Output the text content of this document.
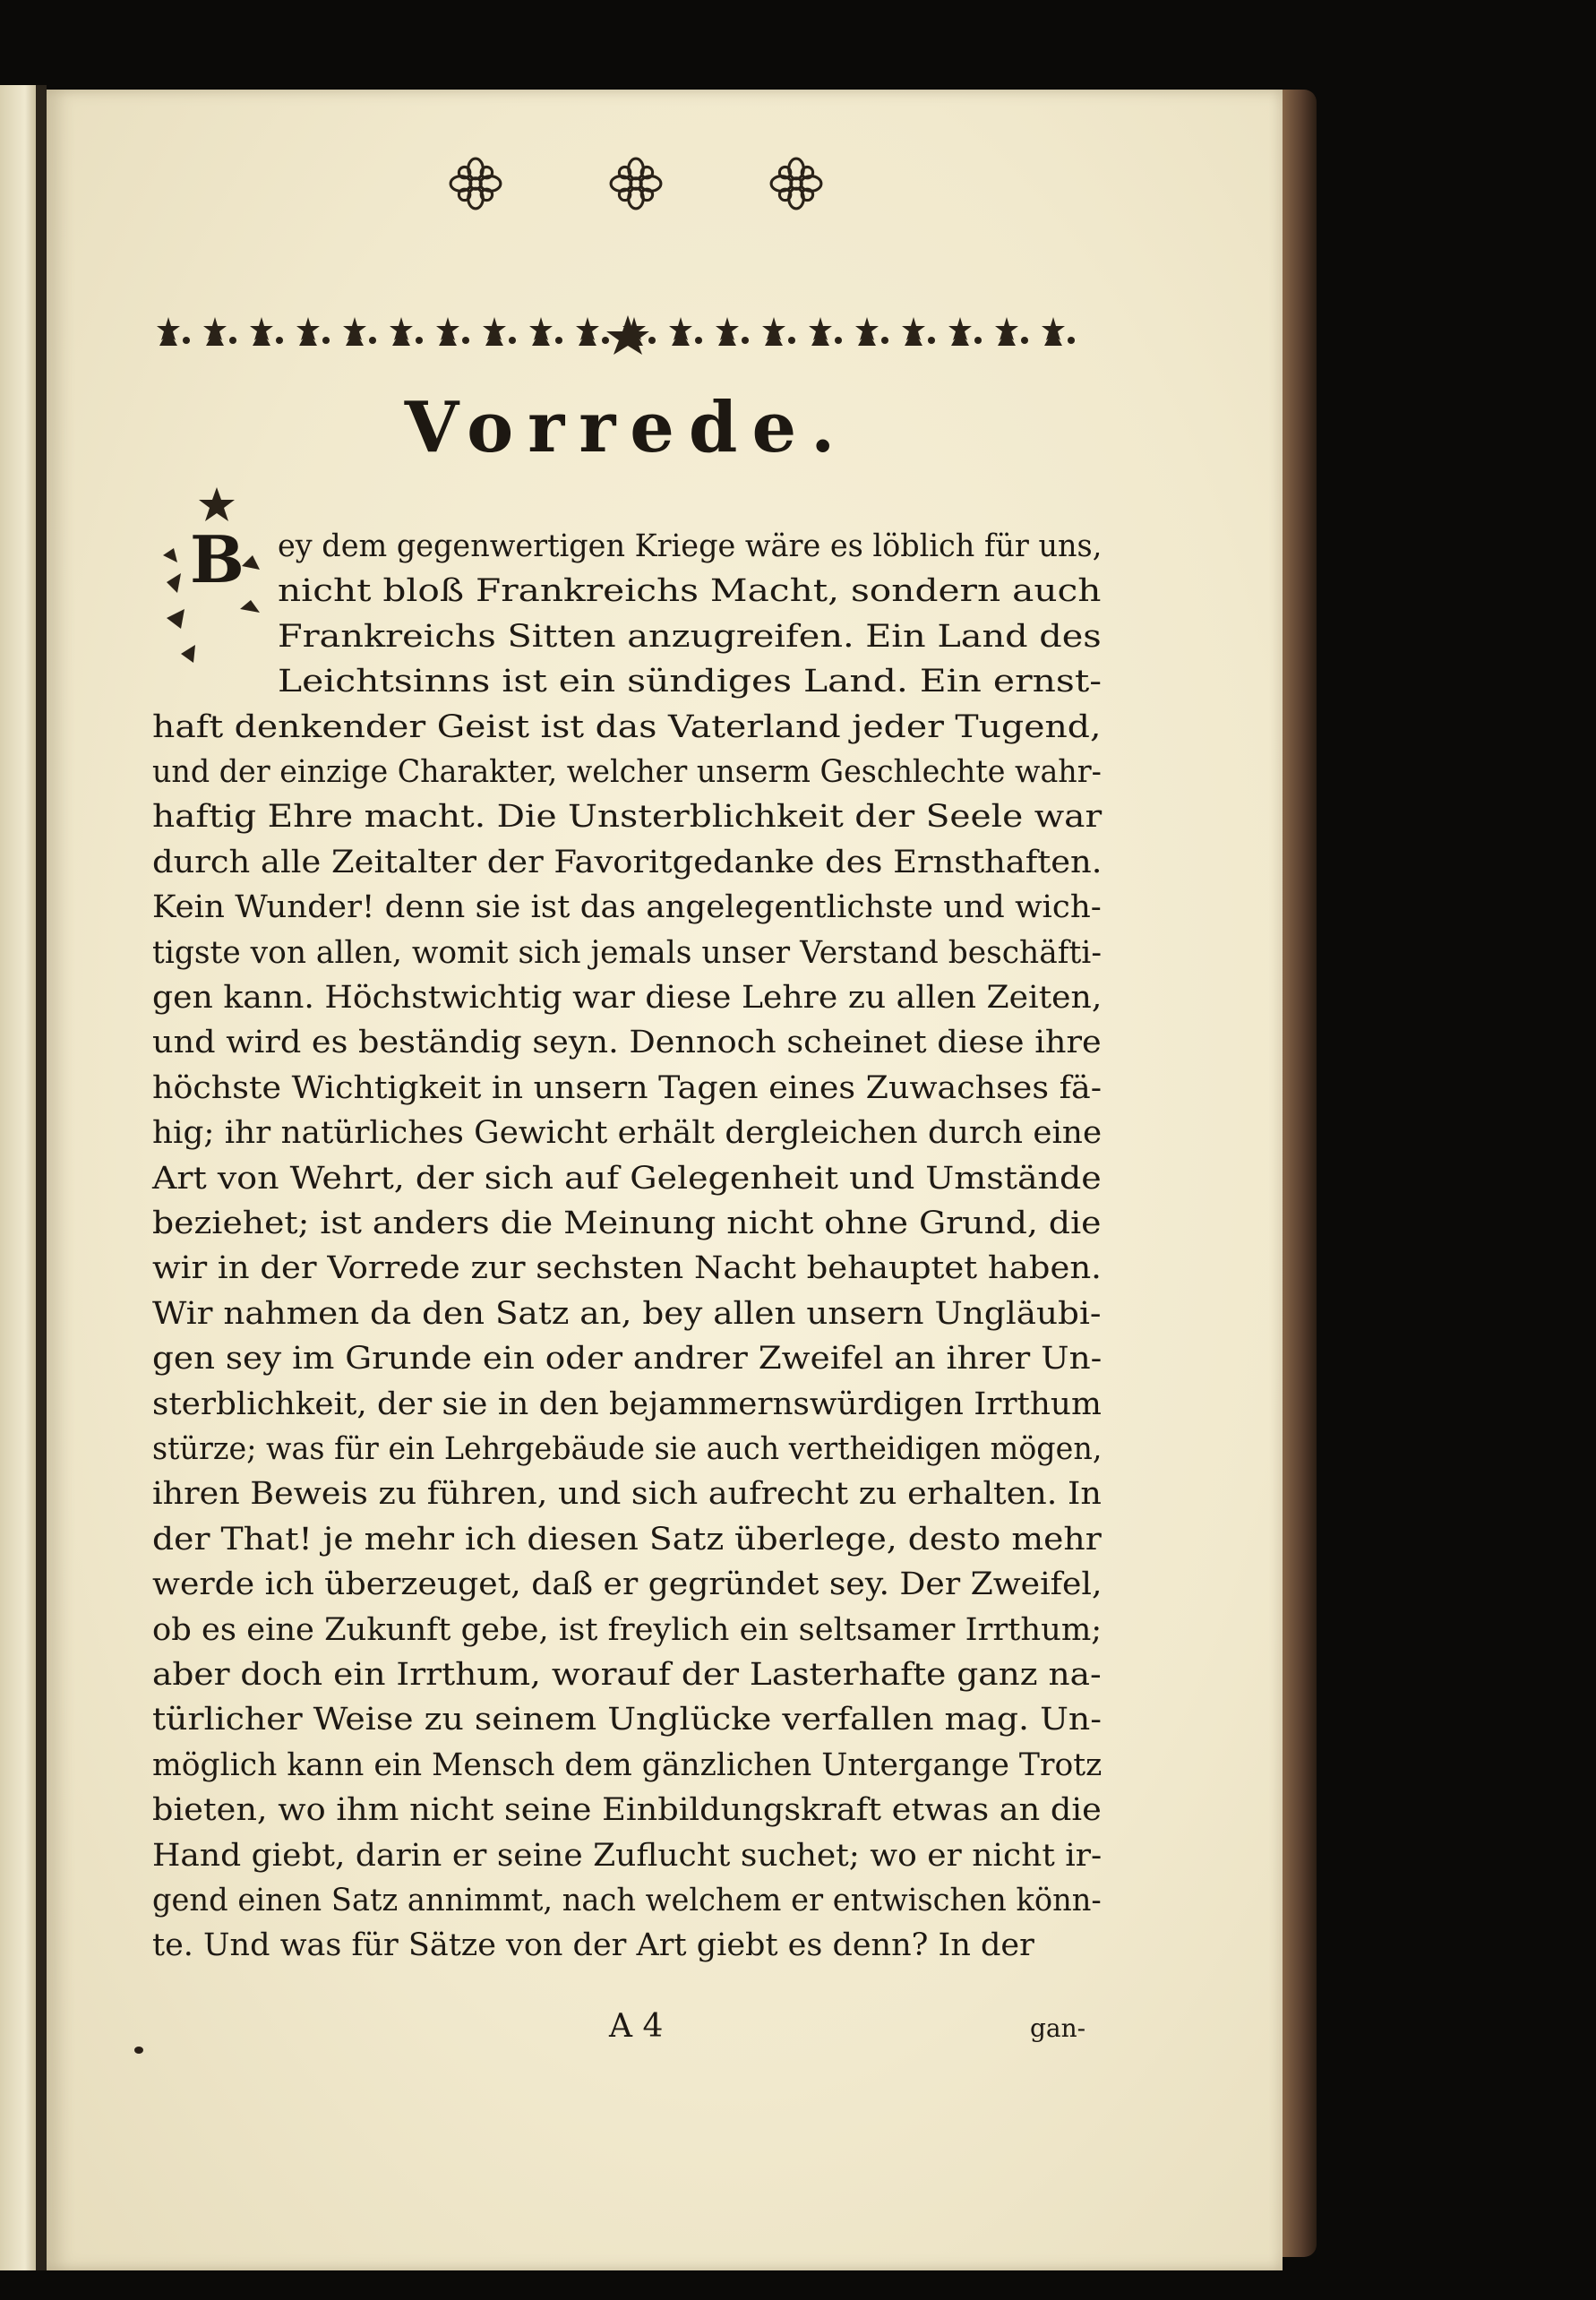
Vorrede.
B ey dem gegenwertigen Kriege wäre es löblich für uns,
nicht bloß Frankreichs Macht, sondern auch
Frankreichs Sitten anzugreifen. Ein Land des
Leichtsinns ist ein sündiges Land. Ein ernst-
haft denkender Geist ist das Vaterland jeder Tugend,
und der einzige Charakter, welcher unserm Geschlechte wahr-
haftig Ehre macht. Die Unsterblichkeit der Seele war
durch alle Zeitalter der Favoritgedanke des Ernsthaften.
Kein Wunder! denn sie ist das angelegentlichste und wich-
tigste von allen, womit sich jemals unser Verstand beschäfti-
gen kann. Höchstwichtig war diese Lehre zu allen Zeiten,
und wird es beständig seyn. Dennoch scheinet diese ihre
höchste Wichtigkeit in unsern Tagen eines Zuwachses fä-
hig; ihr natürliches Gewicht erhält dergleichen durch eine
Art von Wehrt, der sich auf Gelegenheit und Umstände
beziehet; ist anders die Meinung nicht ohne Grund, die
wir in der Vorrede zur sechsten Nacht behauptet haben.
Wir nahmen da den Satz an, bey allen unsern Ungläubi-
gen sey im Grunde ein oder andrer Zweifel an ihrer Un-
sterblichkeit, der sie in den bejammernswürdigen Irrthum
stürze; was für ein Lehrgebäude sie auch vertheidigen mögen,
ihren Beweis zu führen, und sich aufrecht zu erhalten. In
der That! je mehr ich diesen Satz überlege, desto mehr
werde ich überzeuget, daß er gegründet sey. Der Zweifel,
ob es eine Zukunft gebe, ist freylich ein seltsamer Irrthum;
aber doch ein Irrthum, worauf der Lasterhafte ganz na-
türlicher Weise zu seinem Unglücke verfallen mag. Un-
möglich kann ein Mensch dem gänzlichen Untergange Trotz
bieten, wo ihm nicht seine Einbildungskraft etwas an die
Hand giebt, darin er seine Zuflucht suchet; wo er nicht ir-
gend einen Satz annimmt, nach welchem er entwischen könn-
te. Und was für Sätze von der Art giebt es denn? In der
A 4	gan-
